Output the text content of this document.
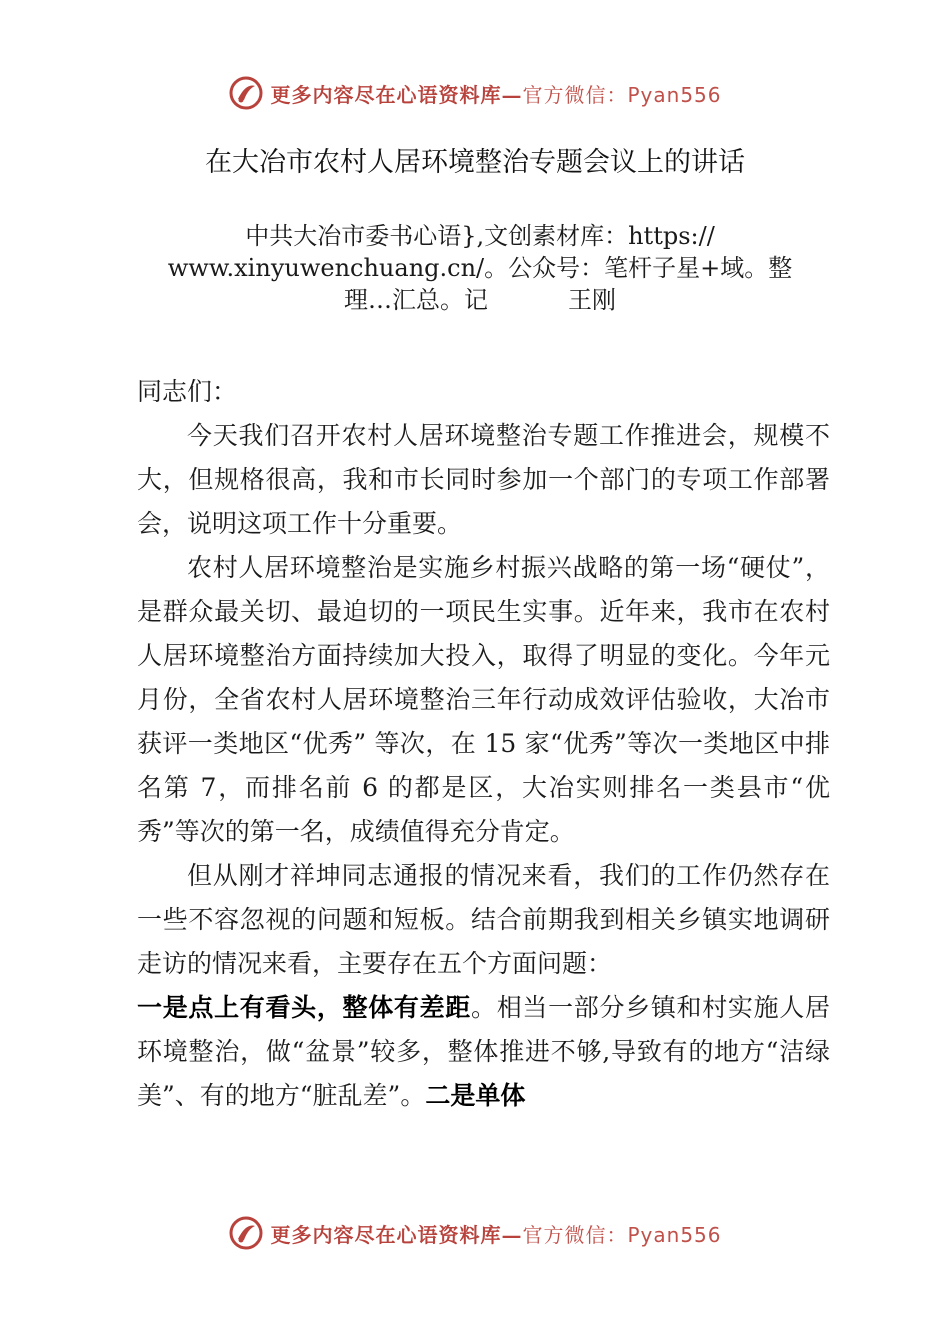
更多内容尽在心语资料库—官方微信：Pyan556
在大冶市农村人居环境整治专题会议上的讲话
中共大冶市委书心语},文创素材库：https://
www.xinyuwenchuang.cn/。公众号：笔杆子星+域。整
理…汇总。记	王刚

同志们：

今天我们召开农村人居环境整治专题工作推进会，规模不大，但规格很高，我和市长同时参加一个部门的专项工作部署会，说明这项工作十分重要。

农村人居环境整治是实施乡村振兴战略的第一场“硬仗”，是群众最关切、最迫切的一项民生实事。近年来，我市在农村人居环境整治方面持续加大投入，取得了明显的变化。今年元月份，全省农村人居环境整治三年行动成效评估验收，大冶市获评一类地区“优秀” 等次，在 15 家“优秀”等次一类地区中排名第 7，而排名前 6 的都是区，大冶实则排名一类县市“优秀”等次的第一名，成绩值得充分肯定。

但从刚才祥坤同志通报的情况来看，我们的工作仍然存在一些不容忽视的问题和短板。结合前期我到相关乡镇实地调研走访的情况来看，主要存在五个方面问题：

一是点上有看头，整体有差距。相当一部分乡镇和村实施人居环境整治，做“盆景”较多，整体推进不够,导致有的地方“洁绿美”、有的地方“脏乱差”。二是单体

更多内容尽在心语资料库—官方微信：Pyan556
